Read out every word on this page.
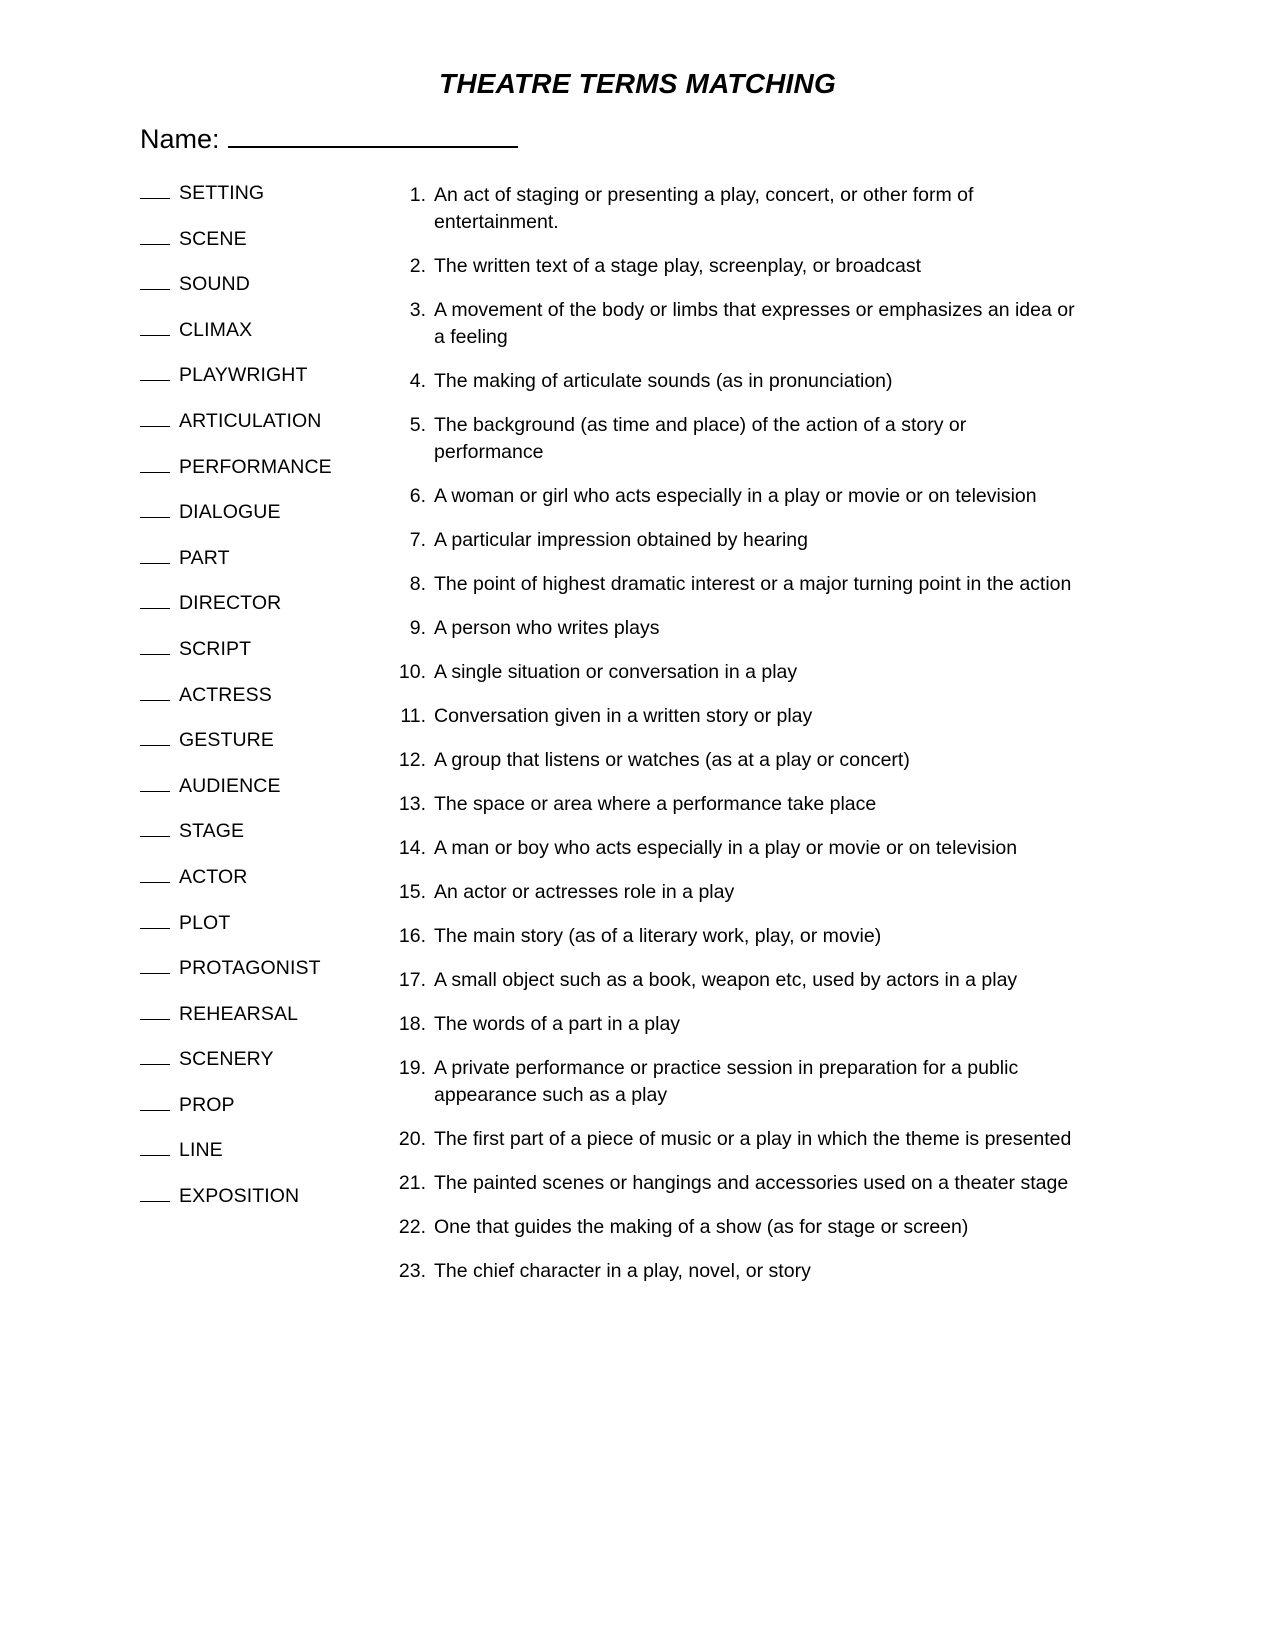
THEATRE TERMS MATCHING
Name:
SETTING
SCENE
SOUND
CLIMAX
PLAYWRIGHT
ARTICULATION
PERFORMANCE
DIALOGUE
PART
DIRECTOR
SCRIPT
ACTRESS
GESTURE
AUDIENCE
STAGE
ACTOR
PLOT
PROTAGONIST
REHEARSAL
SCENERY
PROP
LINE
EXPOSITION
1. An act of staging or presenting a play, concert, or other form of entertainment.
2. The written text of a stage play, screenplay, or broadcast
3. A movement of the body or limbs that expresses or emphasizes an idea or a feeling
4. The making of articulate sounds (as in pronunciation)
5. The background (as time and place) of the action of a story or performance
6. A woman or girl who acts especially in a play or movie or on television
7. A particular impression obtained by hearing
8. The point of highest dramatic interest or a major turning point in the action
9. A person who writes plays
10. A single situation or conversation in a play
11. Conversation given in a written story or play
12. A group that listens or watches (as at a play or concert)
13. The space or area where a performance take place
14. A man or boy who acts especially in a play or movie or on television
15. An actor or actresses role in a play
16. The main story (as of a literary work, play, or movie)
17. A small object such as a book, weapon etc, used by actors in a play
18. The words of a part in a play
19. A private performance or practice session in preparation for a public appearance such as a play
20. The first part of a piece of music or a play in which the theme is presented
21. The painted scenes or hangings and accessories used on a theater stage
22. One that guides the making of a show (as for stage or screen)
23. The chief character in a play, novel, or story
